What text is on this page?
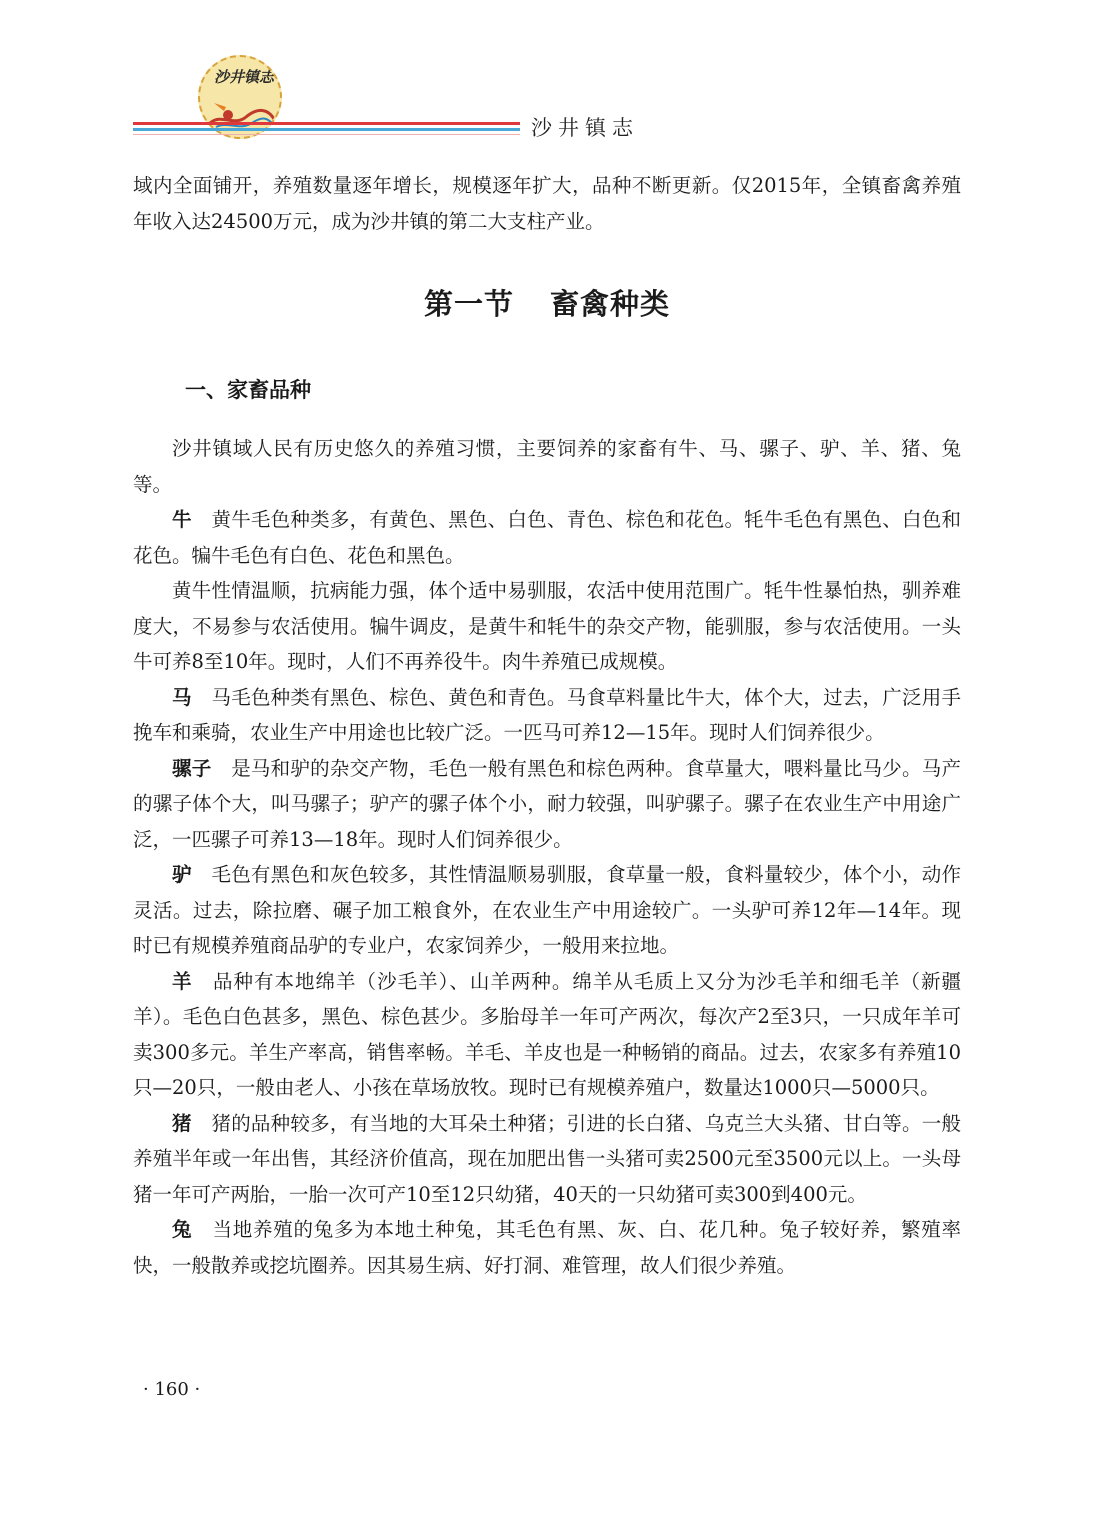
沙井镇志
沙井镇志

域内全面铺开，养殖数量逐年增长，规模逐年扩大，品种不断更新。仅2015年，全镇畜禽养殖年收入达24500万元，成为沙井镇的第二大支柱产业。

第一节 畜禽种类
一、家畜品种

沙井镇域人民有历史悠久的养殖习惯，主要饲养的家畜有牛、马、骡子、驴、羊、猪、兔等。

牛  黄牛毛色种类多，有黄色、黑色、白色、青色、棕色和花色。牦牛毛色有黑色、白色和花色。犏牛毛色有白色、花色和黑色。

黄牛性情温顺，抗病能力强，体个适中易驯服，农活中使用范围广。牦牛性暴怕热，驯养难度大，不易参与农活使用。犏牛调皮，是黄牛和牦牛的杂交产物，能驯服，参与农活使用。一头牛可养8至10年。现时，人们不再养役牛。肉牛养殖已成规模。

马  马毛色种类有黑色、棕色、黄色和青色。马食草料量比牛大，体个大，过去，广泛用手挽车和乘骑，农业生产中用途也比较广泛。一匹马可养12—15年。现时人们饲养很少。

骡子  是马和驴的杂交产物，毛色一般有黑色和棕色两种。食草量大，喂料量比马少。马产的骡子体个大，叫马骡子；驴产的骡子体个小，耐力较强，叫驴骡子。骡子在农业生产中用途广泛，一匹骡子可养13—18年。现时人们饲养很少。

驴  毛色有黑色和灰色较多，其性情温顺易驯服，食草量一般，食料量较少，体个小，动作灵活。过去，除拉磨、碾子加工粮食外，在农业生产中用途较广。一头驴可养12年—14年。现时已有规模养殖商品驴的专业户，农家饲养少，一般用来拉地。

羊  品种有本地绵羊（沙毛羊）、山羊两种。绵羊从毛质上又分为沙毛羊和细毛羊（新疆羊）。毛色白色甚多，黑色、棕色甚少。多胎母羊一年可产两次，每次产2至3只，一只成年羊可卖300多元。羊生产率高，销售率畅。羊毛、羊皮也是一种畅销的商品。过去，农家多有养殖10只—20只，一般由老人、小孩在草场放牧。现时已有规模养殖户，数量达1000只—5000只。

猪  猪的品种较多，有当地的大耳朵土种猪；引进的长白猪、乌克兰大头猪、甘白等。一般养殖半年或一年出售，其经济价值高，现在加肥出售一头猪可卖2500元至3500元以上。一头母猪一年可产两胎，一胎一次可产10至12只幼猪，40天的一只幼猪可卖300到400元。

兔  当地养殖的兔多为本地土种兔，其毛色有黑、灰、白、花几种。兔子较好养，繁殖率快，一般散养或挖坑圈养。因其易生病、好打洞、难管理，故人们很少养殖。

· 160 ·
